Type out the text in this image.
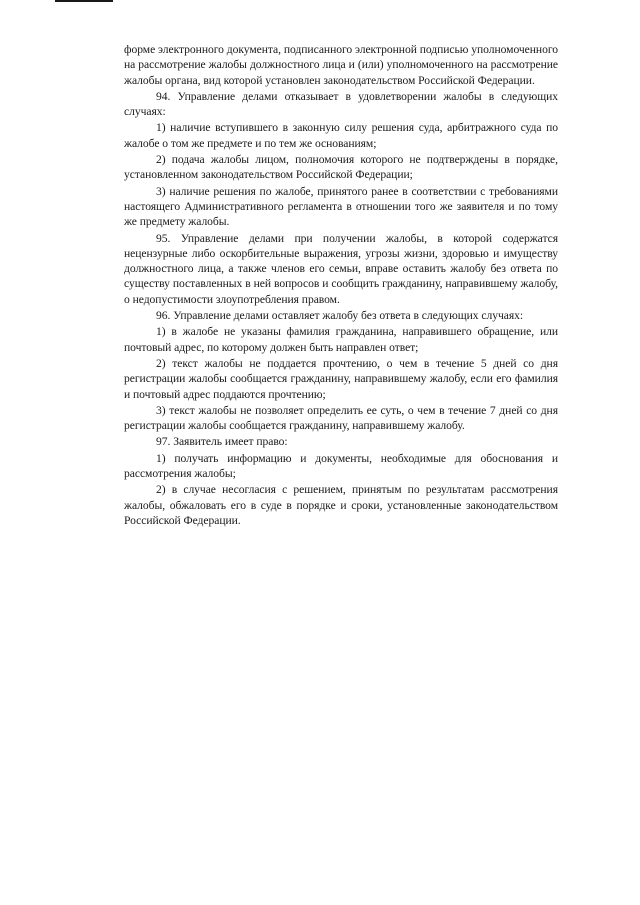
форме электронного документа, подписанного электронной подписью уполномоченного на рассмотрение жалобы должностного лица и (или) уполномоченного на рассмотрение жалобы органа, вид которой установлен законодательством Российской Федерации.

94. Управление делами отказывает в удовлетворении жалобы в следующих случаях:

1) наличие вступившего в законную силу решения суда, арбитражного суда по жалобе о том же предмете и по тем же основаниям;

2) подача жалобы лицом, полномочия которого не подтверждены в порядке, установленном законодательством Российской Федерации;

3) наличие решения по жалобе, принятого ранее в соответствии с требованиями настоящего Административного регламента в отношении того же заявителя и по тому же предмету жалобы.

95. Управление делами при получении жалобы, в которой содержатся нецензурные либо оскорбительные выражения, угрозы жизни, здоровью и имуществу должностного лица, а также членов его семьи, вправе оставить жалобу без ответа по существу поставленных в ней вопросов и сообщить гражданину, направившему жалобу, о недопустимости злоупотребления правом.

96. Управление делами оставляет жалобу без ответа в следующих случаях:

1) в жалобе не указаны фамилия гражданина, направившего обращение, или почтовый адрес, по которому должен быть направлен ответ;

2) текст жалобы не поддается прочтению, о чем в течение 5 дней со дня регистрации жалобы сообщается гражданину, направившему жалобу, если его фамилия и почтовый адрес поддаются прочтению;

3) текст жалобы не позволяет определить ее суть, о чем в течение 7 дней со дня регистрации жалобы сообщается гражданину, направившему жалобу.

97. Заявитель имеет право:

1) получать информацию и документы, необходимые для обоснования и рассмотрения жалобы;

2) в случае несогласия с решением, принятым по результатам рассмотрения жалобы, обжаловать его в суде в порядке и сроки, установленные законодательством Российской Федерации.
